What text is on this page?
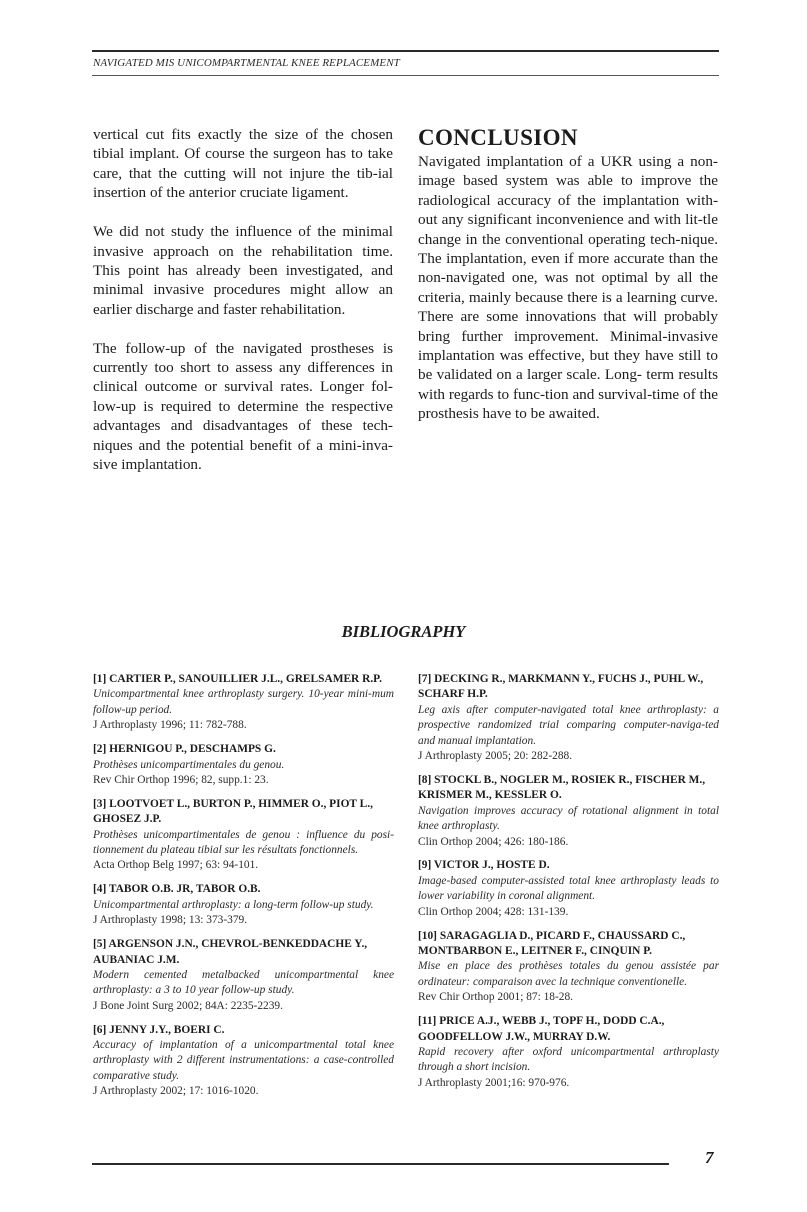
NAVIGATED MIS UNICOMPARTMENTAL KNEE REPLACEMENT

vertical cut fits exactly the size of the chosen tibial implant. Of course the surgeon has to take care, that the cutting will not injure the tib-ial insertion of the anterior cruciate ligament.

We did not study the influence of the minimal invasive approach on the rehabilitation time. This point has already been investigated, and minimal invasive procedures might allow an earlier discharge and faster rehabilitation.

The follow-up of the navigated prostheses is currently too short to assess any differences in clinical outcome or survival rates. Longer fol-low-up is required to determine the respective advantages and disadvantages of these tech-niques and the potential benefit of a mini-inva-sive implantation.

CONCLUSION

Navigated implantation of a UKR using a non-image based system was able to improve the radiological accuracy of the implantation with-out any significant inconvenience and with lit-tle change in the conventional operating tech-nique. The implantation, even if more accurate than the non-navigated one, was not optimal by all the criteria, mainly because there is a learning curve. There are some innovations that will probably bring further improvement. Minimal-invasive implantation was effective, but they have still to be validated on a larger scale. Long- term results with regards to func-tion and survival-time of the prosthesis have to be awaited.

BIBLIOGRAPHY
[1] CARTIER P., SANOUILLIER J.L., GRELSAMER R.P.
Unicompartmental knee arthroplasty surgery. 10-year mini-mum follow-up period.
J Arthroplasty 1996; 11: 782-788.
[2] HERNIGOU P., DESCHAMPS G.
Prothèses unicompartimentales du genou.
Rev Chir Orthop 1996; 82, supp.1: 23.
[3] LOOTVOET L., BURTON P., HIMMER O., PIOT L., GHOSEZ J.P.
Prothèses unicompartimentales de genou : influence du posi-tionnement du plateau tibial sur les résultats fonctionnels.
Acta Orthop Belg 1997; 63: 94-101.
[4] TABOR O.B. JR, TABOR O.B.
Unicompartmental arthroplasty: a long-term follow-up study.
J Arthroplasty 1998; 13: 373-379.
[5] ARGENSON J.N., CHEVROL-BENKEDDACHE Y., AUBANIAC J.M.
Modern cemented metalbacked unicompartmental knee arthroplasty: a 3 to 10 year follow-up study.
J Bone Joint Surg 2002; 84A: 2235-2239.
[6] JENNY J.Y., BOERI C.
Accuracy of implantation of a unicompartmental total knee arthroplasty with 2 different instrumentations: a case-controlled comparative study.
J Arthroplasty 2002; 17: 1016-1020.
[7] DECKING R., MARKMANN Y., FUCHS J., PUHL W., SCHARF H.P.
Leg axis after computer-navigated total knee arthroplasty: a prospective randomized trial comparing computer-naviga-ted and manual implantation.
J Arthroplasty 2005; 20: 282-288.
[8] STOCKL B., NOGLER M., ROSIEK R., FISCHER M., KRISMER M., KESSLER O.
Navigation improves accuracy of rotational alignment in total knee arthroplasty.
Clin Orthop 2004; 426: 180-186.
[9] VICTOR J., HOSTE D.
Image-based computer-assisted total knee arthroplasty leads to lower variability in coronal alignment.
Clin Orthop 2004; 428: 131-139.
[10] SARAGAGLIA D., PICARD F., CHAUSSARD C., MONTBARBON E., LEITNER F., CINQUIN P.
Mise en place des prothèses totales du genou assistée par ordinateur: comparaison avec la technique conventionelle.
Rev Chir Orthop 2001; 87: 18-28.
[11] PRICE A.J., WEBB J., TOPF H., DODD C.A., GOODFELLOW J.W., MURRAY D.W.
Rapid recovery after oxford unicompartmental arthroplasty through a short incision.
J Arthroplasty 2001;16: 970-976.
7
